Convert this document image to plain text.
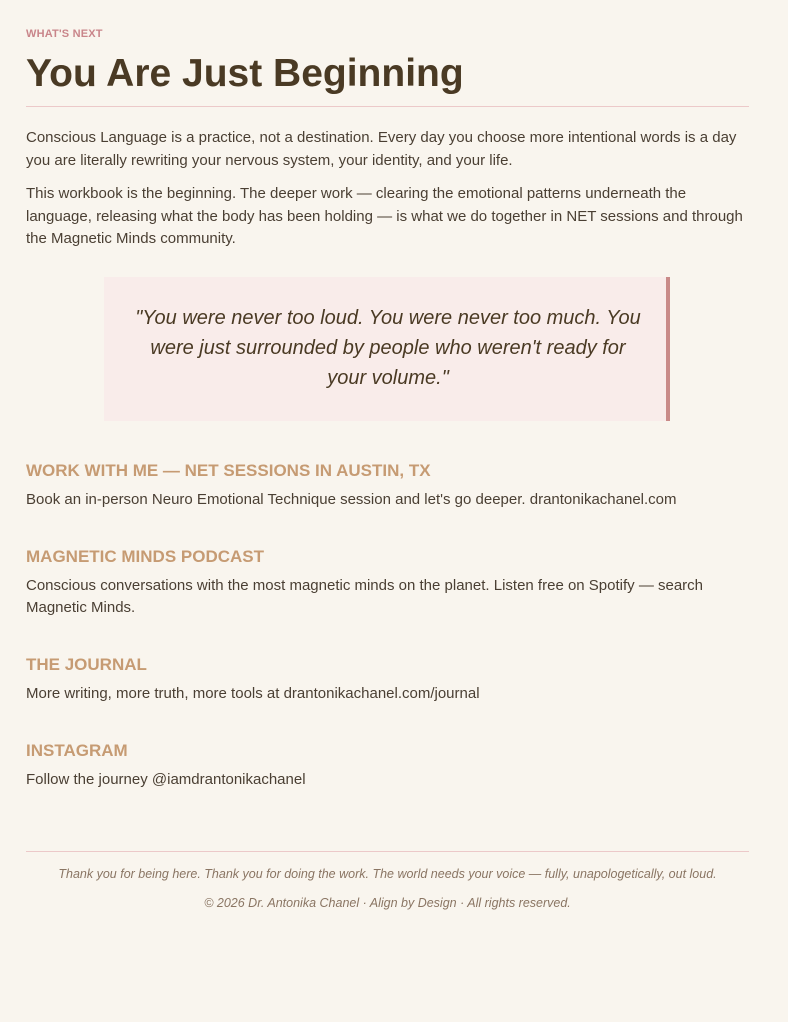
WHAT'S NEXT
You Are Just Beginning

Conscious Language is a practice, not a destination. Every day you choose more intentional words is a day you are literally rewriting your nervous system, your identity, and your life.

This workbook is the beginning. The deeper work — clearing the emotional patterns underneath the language, releasing what the body has been holding — is what we do together in NET sessions and through the Magnetic Minds community.

"You were never too loud. You were never too much. You were just surrounded by people who weren't ready for your volume."

WORK WITH ME — NET SESSIONS IN AUSTIN, TX

Book an in-person Neuro Emotional Technique session and let's go deeper. drantonikachanel.com

MAGNETIC MINDS PODCAST

Conscious conversations with the most magnetic minds on the planet. Listen free on Spotify — search Magnetic Minds.

THE JOURNAL

More writing, more truth, more tools at drantonikachanel.com/journal

INSTAGRAM

Follow the journey @iamdrantonikachanel

Thank you for being here. Thank you for doing the work. The world needs your voice — fully, unapologetically, out loud.

© 2026 Dr. Antonika Chanel · Align by Design · All rights reserved.
